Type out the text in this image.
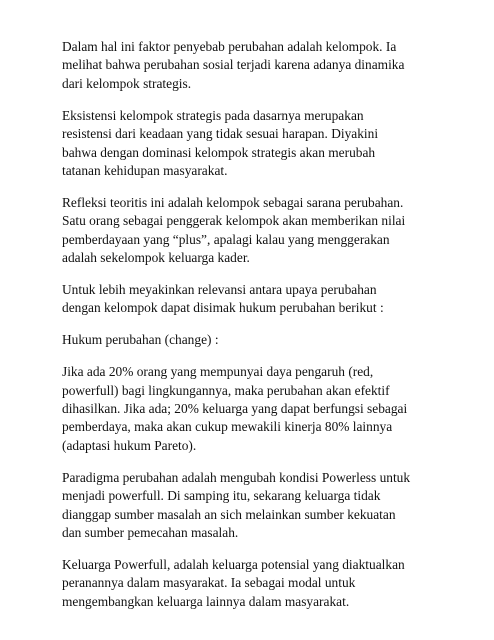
Dalam hal ini faktor penyebab perubahan adalah kelompok. Ia
melihat bahwa perubahan sosial terjadi karena adanya dinamika
dari kelompok strategis.

Eksistensi kelompok strategis pada dasarnya merupakan
resistensi dari keadaan yang tidak sesuai harapan. Diyakini
bahwa dengan dominasi kelompok strategis akan merubah
tatanan kehidupan masyarakat.

Refleksi teoritis ini adalah kelompok sebagai sarana perubahan.
Satu orang sebagai penggerak kelompok akan memberikan nilai
pemberdayaan yang “plus”, apalagi kalau yang menggerakan
adalah sekelompok keluarga kader.

Untuk lebih meyakinkan relevansi antara upaya perubahan
dengan kelompok dapat disimak hukum perubahan berikut :

Hukum perubahan (change) :

Jika ada 20% orang yang mempunyai daya pengaruh (red,
powerfull) bagi lingkungannya, maka perubahan akan efektif
dihasilkan. Jika ada; 20% keluarga yang dapat berfungsi sebagai
pemberdaya, maka akan cukup mewakili kinerja 80% lainnya
(adaptasi hukum Pareto).

Paradigma perubahan adalah mengubah kondisi Powerless untuk
menjadi powerfull. Di samping itu, sekarang keluarga tidak
dianggap sumber masalah an sich melainkan sumber kekuatan
dan sumber pemecahan masalah.

Keluarga Powerfull, adalah keluarga potensial yang diaktualkan
peranannya dalam masyarakat. Ia sebagai modal untuk
mengembangkan keluarga lainnya dalam masyarakat.
